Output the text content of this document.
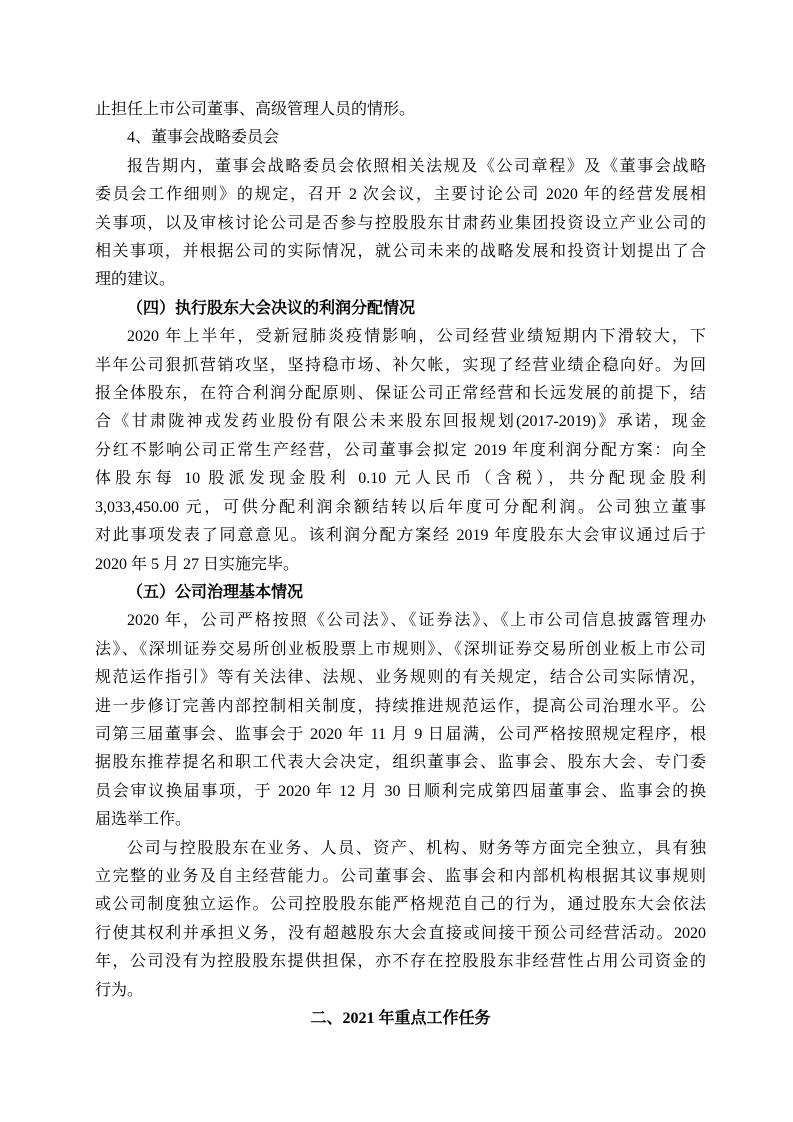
止担任上市公司董事、高级管理人员的情形。

4、董事会战略委员会

报告期内，董事会战略委员会依照相关法规及《公司章程》及《董事会战略

委员会工作细则》的规定，召开 2 次会议，主要讨论公司 2020 年的经营发展相

关事项，以及审核讨论公司是否参与控股股东甘肃药业集团投资设立产业公司的

相关事项，并根据公司的实际情况，就公司未来的战略发展和投资计划提出了合

理的建议。

（四）执行股东大会决议的利润分配情况

2020 年上半年，受新冠肺炎疫情影响，公司经营业绩短期内下滑较大，下

半年公司狠抓营销攻坚，坚持稳市场、补欠帐，实现了经营业绩企稳向好。为回

报全体股东，在符合利润分配原则、保证公司正常经营和长远发展的前提下，结

合《甘肃陇神戎发药业股份有限公未来股东回报规划(2017-2019)》承诺，现金

分红不影响公司正常生产经营，公司董事会拟定 2019 年度利润分配方案：向全

体股东每 10 股派发现金股利 0.10 元人民币（含税），共分配现金股利

3,033,450.00 元，可供分配利润余额结转以后年度可分配利润。公司独立董事

对此事项发表了同意意见。该利润分配方案经 2019 年度股东大会审议通过后于

2020 年 5 月 27 日实施完毕。

（五）公司治理基本情况

2020 年，公司严格按照《公司法》、《证券法》、《上市公司信息披露管理办

法》、《深圳证券交易所创业板股票上市规则》、《深圳证券交易所创业板上市公司

规范运作指引》等有关法律、法规、业务规则的有关规定，结合公司实际情况，

进一步修订完善内部控制相关制度，持续推进规范运作，提高公司治理水平。公

司第三届董事会、监事会于 2020 年 11 月 9 日届满，公司严格按照规定程序，根

据股东推荐提名和职工代表大会决定，组织董事会、监事会、股东大会、专门委

员会审议换届事项，于 2020 年 12 月 30 日顺利完成第四届董事会、监事会的换

届选举工作。

公司与控股股东在业务、人员、资产、机构、财务等方面完全独立，具有独

立完整的业务及自主经营能力。公司董事会、监事会和内部机构根据其议事规则

或公司制度独立运作。公司控股股东能严格规范自己的行为，通过股东大会依法

行使其权利并承担义务，没有超越股东大会直接或间接干预公司经营活动。2020

年，公司没有为控股股东提供担保，亦不存在控股股东非经营性占用公司资金的

行为。

二、2021 年重点工作任务
